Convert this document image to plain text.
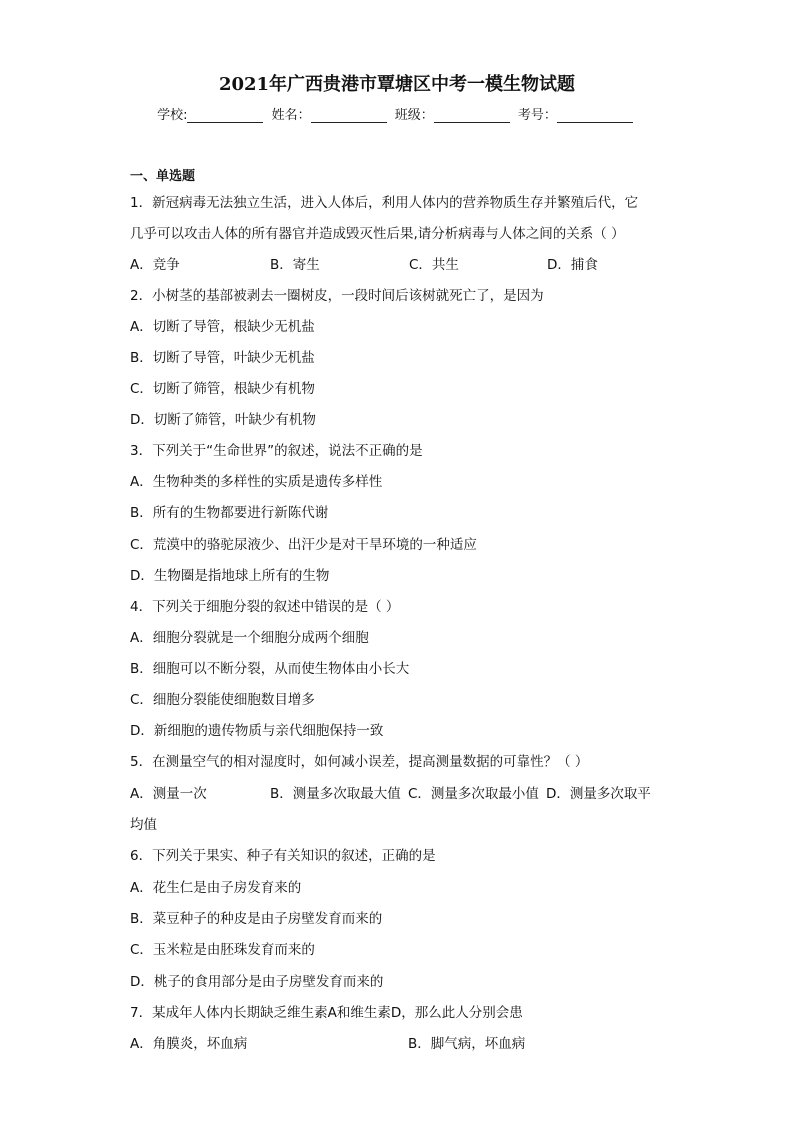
2021年广西贵港市覃塘区中考一模生物试题
学校:	姓名：	班级：	考号：
一、单选题
1．新冠病毒无法独立生活，进入人体后，利用人体内的营养物质生存并繁殖后代，它
几乎可以攻击人体的所有器官并造成毁灭性后果,请分析病毒与人体之间的关系（ ）
A．竞争	B．寄生	C．共生	D．捕食
2．小树茎的基部被剥去一圈树皮，一段时间后该树就死亡了，是因为
A．切断了导管，根缺少无机盐
B．切断了导管，叶缺少无机盐
C．切断了筛管，根缺少有机物
D．切断了筛管，叶缺少有机物
3．下列关于“生命世界”的叙述，说法不正确的是
A．生物种类的多样性的实质是遗传多样性
B．所有的生物都要进行新陈代谢
C．荒漠中的骆驼尿液少、出汗少是对干旱环境的一种适应
D．生物圈是指地球上所有的生物
4．下列关于细胞分裂的叙述中错误的是（ ）
A．细胞分裂就是一个细胞分成两个细胞
B．细胞可以不断分裂，从而使生物体由小长大
C．细胞分裂能使细胞数目增多
D．新细胞的遗传物质与亲代细胞保持一致
5．在测量空气的相对湿度时，如何减小误差，提高测量数据的可靠性？（ ）
A．测量一次	B．测量多次取最大值 C．测量多次取最小值 D．测量多次取平
均值
6．下列关于果实、种子有关知识的叙述，正确的是
A．花生仁是由子房发育来的
B．菜豆种子的种皮是由子房壁发育而来的
C．玉米粒是由胚珠发育而来的
D．桃子的食用部分是由子房壁发育而来的
7．某成年人体内长期缺乏维生素A和维生素D，那么此人分别会患
A．角膜炎，坏血病	B．脚气病，坏血病
